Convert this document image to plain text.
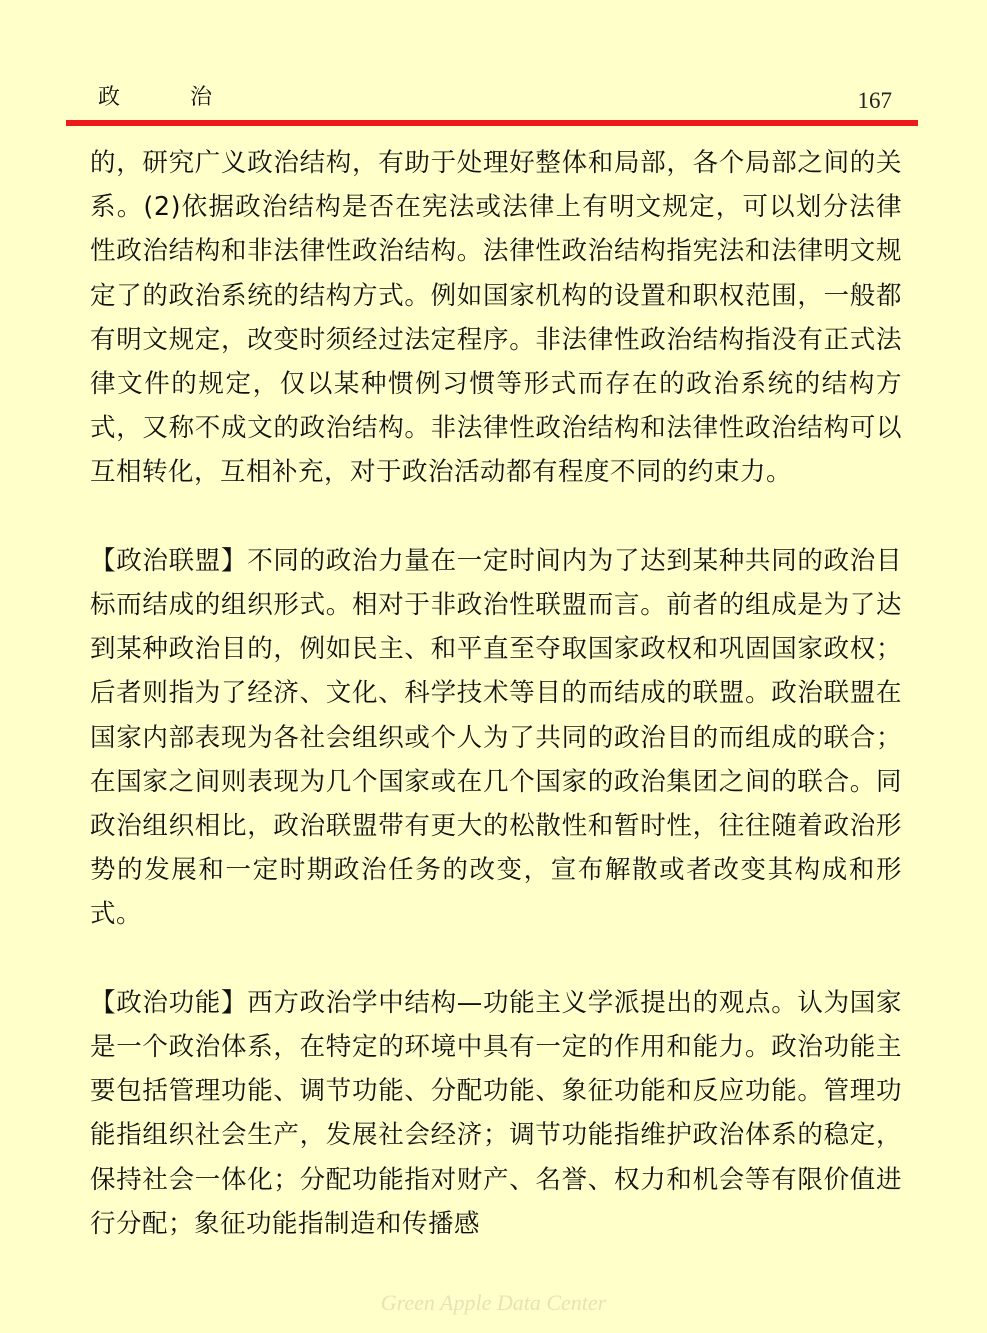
政治	167

的，研究广义政治结构，有助于处理好整体和局部，各个局部之间的关系。(2)依据政治结构是否在宪法或法律上有明文规定，可以划分法律性政治结构和非法律性政治结构。法律性政治结构指宪法和法律明文规定了的政治系统的结构方式。例如国家机构的设置和职权范围，一般都有明文规定，改变时须经过法定程序。非法律性政治结构指没有正式法律文件的规定，仅以某种惯例习惯等形式而存在的政治系统的结构方式，又称不成文的政治结构。非法律性政治结构和法律性政治结构可以互相转化，互相补充，对于政治活动都有程度不同的约束力。

【政治联盟】不同的政治力量在一定时间内为了达到某种共同的政治目标而结成的组织形式。相对于非政治性联盟而言。前者的组成是为了达到某种政治目的，例如民主、和平直至夺取国家政权和巩固国家政权；后者则指为了经济、文化、科学技术等目的而结成的联盟。政治联盟在国家内部表现为各社会组织或个人为了共同的政治目的而组成的联合；在国家之间则表现为几个国家或在几个国家的政治集团之间的联合。同政治组织相比，政治联盟带有更大的松散性和暂时性，往往随着政治形势的发展和一定时期政治任务的改变，宣布解散或者改变其构成和形式。

【政治功能】西方政治学中结构—功能主义学派提出的观点。认为国家是一个政治体系，在特定的环境中具有一定的作用和能力。政治功能主要包括管理功能、调节功能、分配功能、象征功能和反应功能。管理功能指组织社会生产，发展社会经济；调节功能指维护政治体系的稳定，保持社会一体化；分配功能指对财产、名誉、权力和机会等有限价值进行分配；象征功能指制造和传播感

Green Apple Data Center
